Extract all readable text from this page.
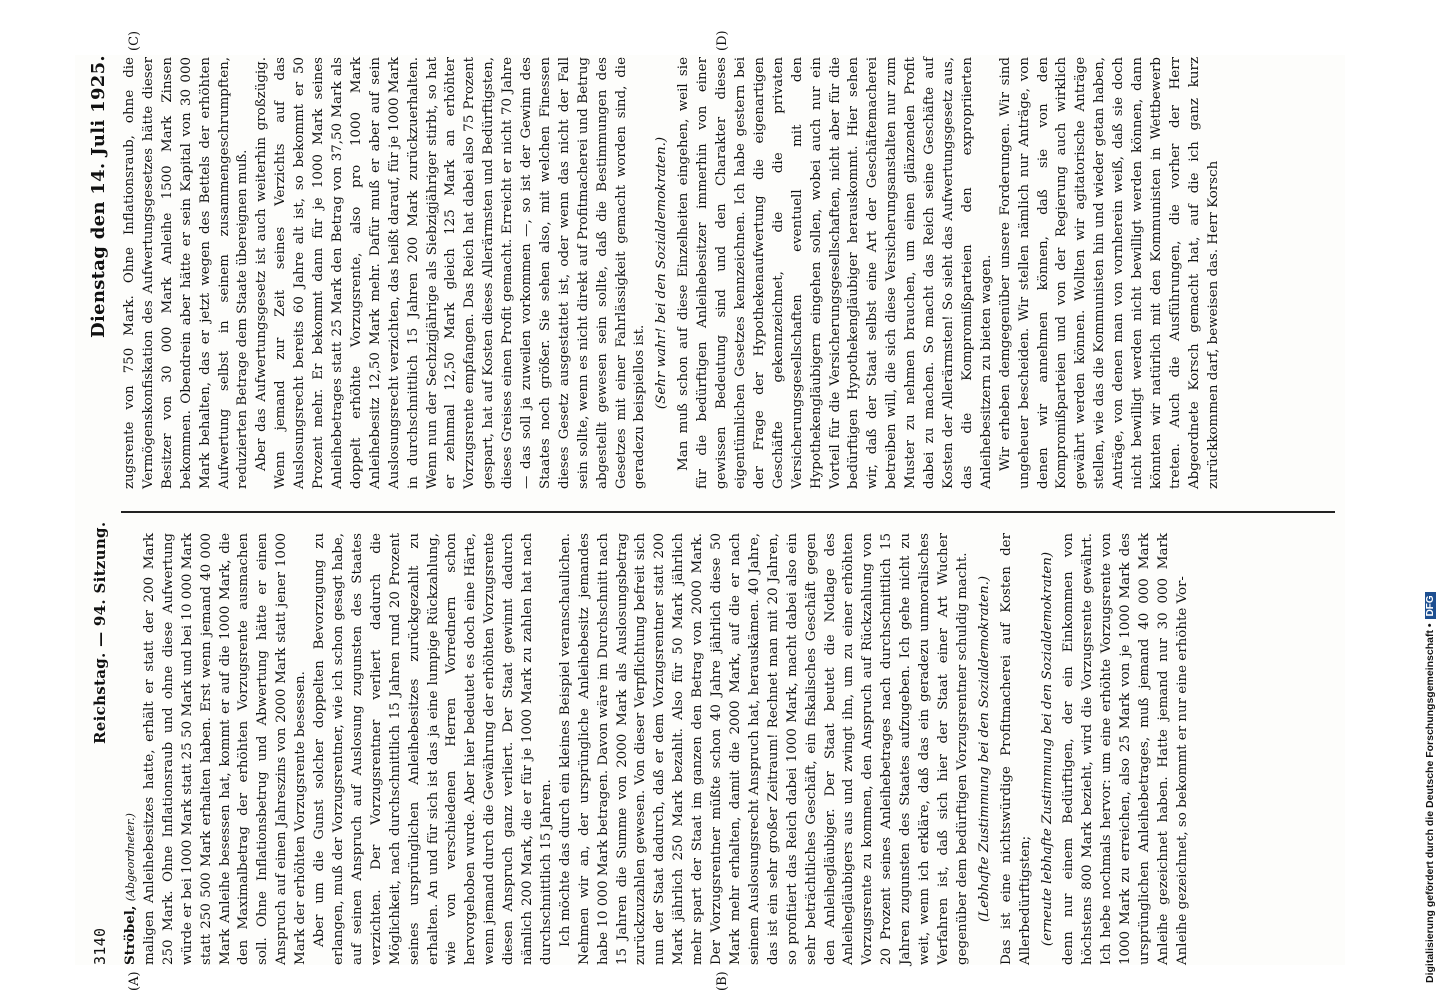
3140
Reichstag. — 94. Sitzung.
Dienstag den 14. Juli 1925.
(A)	(B)
(C)	(D)

Ströbel, (Abgeordneter.) maligen Anleihebesitzes hatte, erhält er statt der 200 Mark 250 Mark. Ohne Inflationsraub und ohne diese Aufwertung würde er bei 1000 Mark statt 25 50 Mark und bei 10 000 Mark statt 250 500 Mark erhalten haben. Erst wenn jemand 40 000 Mark Anleihe besessen hat, kommt er auf die 1000 Mark, die den Maximalbetrag der erhöhten Vorzugsrente ausmachen soll. Ohne Inflationsbetrug und Abwertung hätte er einen Anspruch auf einen Jahreszins von 2000 Mark statt jener 1000 Mark der erhöhten Vorzugsrente besessen. Aber um die Gunst solcher doppelten Bevorzugung zu erlangen, muß der Vorzugsrentner, wie ich schon gesagt habe, auf seinen Anspruch auf Auslosung zugunsten des Staates verzichten. Der Vorzugsrentner verliert dadurch die Möglichkeit, nach durchschnittlich 15 Jahren rund 20 Prozent seines ursprünglichen Anleihebesitzes zurückgezahlt zu erhalten. An und für sich ist das ja eine lumpige Rückzahlung, wie von verschiedenen Herren Vorrednern schon hervorgehoben wurde. Aber hier bedeutet es doch eine Härte, wenn jemand durch die Gewährung der erhöhten Vorzugsrente diesen Anspruch ganz verliert. Der Staat gewinnt dadurch nämlich 200 Mark, die er für je 1000 Mark zu zahlen hat nach durchschnittlich 15 Jahren. Ich möchte das durch ein kleines Beispiel veranschaulichen. Nehmen wir an, der ursprüngliche Anleihebesitz jemandes habe 10 000 Mark betragen. Davon wäre im Durchschnitt nach 15 Jahren die Summe von 2000 Mark als Auslosungsbetrag zurückzuzahlen gewesen. Von dieser Verpflichtung befreit sich nun der Staat dadurch, daß er dem Vorzugsrentner statt 200 Mark jährlich 250 Mark bezahlt. Also für 50 Mark jährlich mehr spart der Staat im ganzen den Betrag von 2000 Mark. Der Vorzugsrentner müßte schon 40 Jahre jährlich diese 50 Mark mehr erhalten, damit die 2000 Mark, auf die er nach seinem Auslosungsrecht Anspruch hat, herauskämen. 40 Jahre, das ist ein sehr großer Zeitraum! Rechnet man mit 20 Jahren, so profitiert das Reich dabei 1000 Mark, macht dabei also ein sehr beträchtliches Geschäft, ein fiskalisches Geschäft gegen den Anleihegläubiger. Der Staat beutet die Notlage des Anleihegläubigers aus und zwingt ihn, um zu einer erhöhten Vorzugsrente zu kommen, den Anspruch auf Rückzahlung von 20 Prozent seines Anleihebetrages nach durchschnittlich 15 Jahren zugunsten des Staates aufzugeben. Ich gehe nicht zu weit, wenn ich erkläre, daß das ein geradezu unmoralisches Verfahren ist, daß sich hier der Staat einer Art Wucher gegenüber dem bedürftigen Vorzugsrentner schuldig macht. (Lebhafte Zustimmung bei den Sozialdemokraten.) Das ist eine nichtswürdige Profitmacherei auf Kosten der Allerbedürftigsten; (erneute lebhafte Zustimmung bei den Sozialdemokraten) denn nur einem Bedürftigen, der ein Einkommen von höchstens 800 Mark bezieht, wird die Vorzugsrente gewährt. Ich hebe nochmals hervor: um eine erhöhte Vorzugsrente von 1000 Mark zu erreichen, also 25 Mark von je 1000 Mark des ursprünglichen Anleihebetrages, muß jemand 40 000 Mark Anleihe gezeichnet haben. Hatte jemand nur 30 000 Mark Anleihe gezeichnet, so bekommt er nur eine erhöhte Vor-

zugsrente von 750 Mark. Ohne Inflationsraub, ohne die Vermögenskonfiskation des Aufwertungsgesetzes hätte dieser Besitzer von 30 000 Mark Anleihe 1500 Mark Zinsen bekommen. Obendrein aber hätte er sein Kapital von 30 000 Mark behalten, das er jetzt wegen des Bettels der erhöhten Aufwertung selbst in seinem zusammengeschrumpften, reduzierten Betrage dem Staate übereignen muß. Aber das Aufwertungsgesetz ist auch weiterhin großzügig. Wenn jemand zur Zeit seines Verzichts auf das Auslosungsrecht bereits 60 Jahre alt ist, so bekommt er 50 Prozent mehr. Er bekommt dann für je 1000 Mark seines Anleihebetrages statt 25 Mark den Betrag von 37,50 Mark als doppelt erhöhte Vorzugsrente, also pro 1000 Mark Anleihebesitz 12,50 Mark mehr. Dafür muß er aber auf sein Auslosungsrecht verzichten, das heißt darauf, für je 1000 Mark in durchschnittlich 15 Jahren 200 Mark zurückzuerhalten. Wenn nun der Sechzigjährige als Siebzigjähriger stirbt, so hat er zehnmal 12,50 Mark gleich 125 Mark an erhöhter Vorzugsrente empfangen. Das Reich hat dabei also 75 Prozent gespart, hat auf Kosten dieses Allerärmsten und Bedürftigsten, dieses Greises einen Profit gemacht. Erreicht er nicht 70 Jahre — das soll ja zuweilen vorkommen —, so ist der Gewinn des Staates noch größer. Sie sehen also, mit welchen Finessen dieses Gesetz ausgestattet ist, oder wenn das nicht der Fall sein sollte, wenn es nicht direkt auf Profitmacherei und Betrug abgestellt gewesen sein sollte, daß die Bestimmungen des Gesetzes mit einer Fahrlässigkeit gemacht worden sind, die geradezu beispiellos ist. (Sehr wahr! bei den Sozialdemokraten.) Man muß schon auf diese Einzelheiten eingehen, weil sie für die bedürftigen Anleihebesitzer immerhin von einer gewissen Bedeutung sind und den Charakter dieses eigentümlichen Gesetzes kennzeichnen. Ich habe gestern bei der Frage der Hypothekenaufwertung die eigenartigen Geschäfte gekennzeichnet, die die privaten Versicherungsgesellschaften eventuell mit den Hypothekengläubigern eingehen sollen, wobei auch nur ein Vorteil für die Versicherungsgesellschaften, nicht aber für die bedürftigen Hypothekengläubiger herauskommt. Hier sehen wir, daß der Staat selbst eine Art der Geschäftemacherei betreiben will, die sich diese Versicherungsanstalten nur zum Muster zu nehmen brauchen, um einen glänzenden Profit dabei zu machen. So macht das Reich seine Geschäfte auf Kosten der Allerärmsten! So sieht das Aufwertungsgesetz aus, das die Kompromißparteien den expropriierten Anleihebesitzern zu bieten wagen. Wir erheben demgegenüber unsere Forderungen. Wir sind ungeheuer bescheiden. Wir stellen nämlich nur Anträge, von denen wir annehmen können, daß sie von den Kompromißparteien und von der Regierung auch wirklich gewährt werden können. Wollten wir agitatorische Anträge stellen, wie das die Kommunisten hin und wieder getan haben, Anträge, von denen man von vornherein weiß, daß sie doch nicht bewilligt werden nicht bewilligt werden können, dann könnten wir natürlich mit den Kommunisten in Wettbewerb treten. Auch die Ausführungen, die vorher der Herr Abgeordnete Korsch gemacht hat, auf die ich ganz kurz zurückkommen darf, beweisen das. Herr Korsch

Digitalisierung gefördert durch die Deutsche Forschungsgemeinschaft •DFG
